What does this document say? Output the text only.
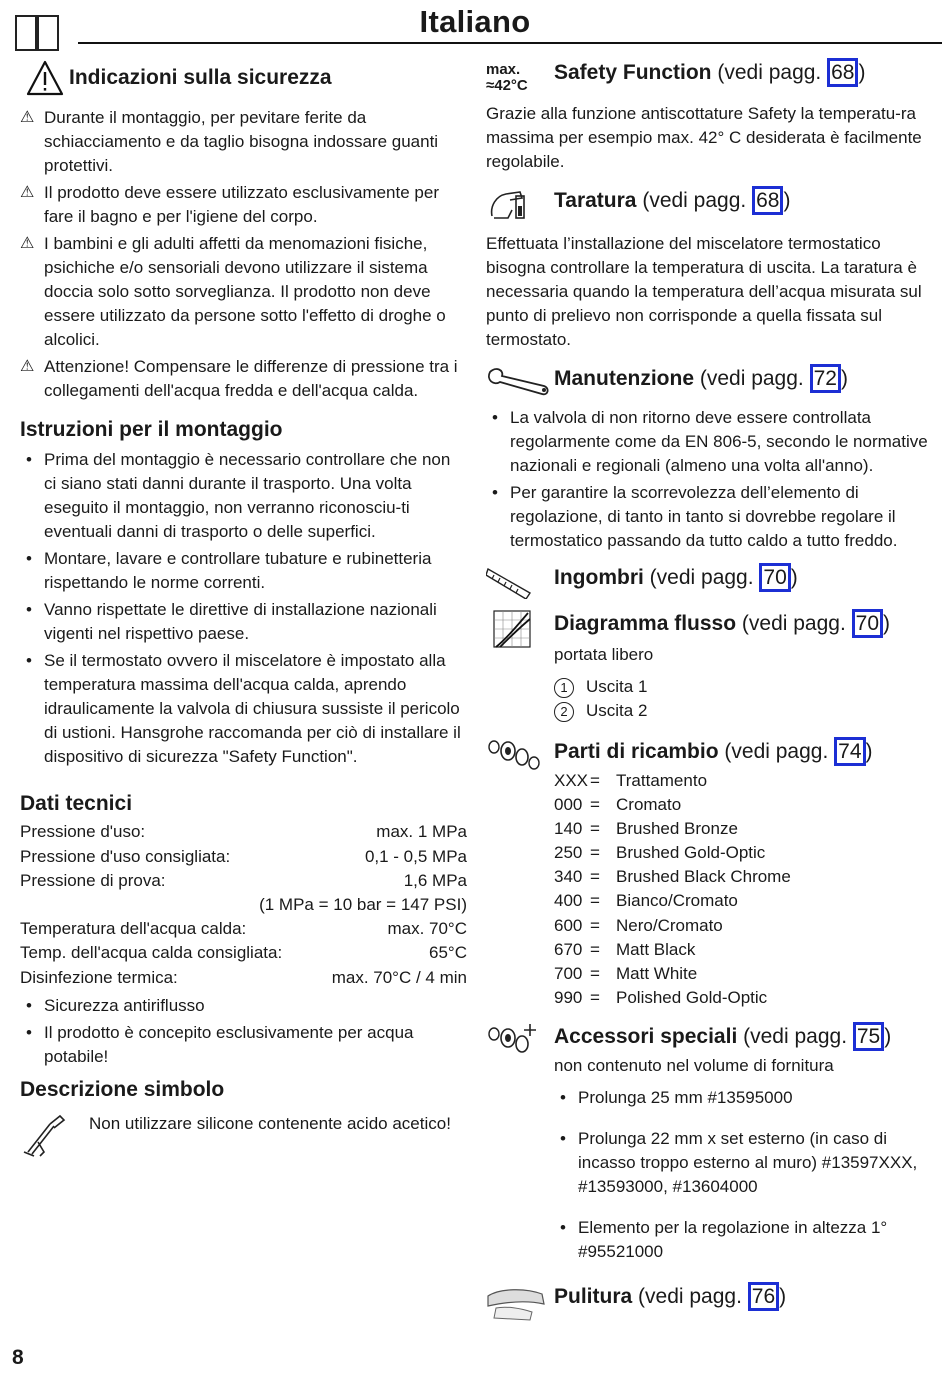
Italiano
Indicazioni sulla sicurezza
⚠ Durante il montaggio, per pevitare ferite da schiacciamento e da taglio bisogna indossare guanti protettivi.
⚠ Il prodotto deve essere utilizzato esclusivamente per fare il bagno e per l'igiene del corpo.
⚠ I bambini e gli adulti affetti da menomazioni fisiche, psichiche e/o sensoriali devono utilizzare il sistema doccia solo sotto sorveglianza. Il prodotto non deve essere utilizzato da persone sotto l'effetto di droghe o alcolici.
⚠ Attenzione! Compensare le differenze di pressione tra i collegamenti dell'acqua fredda e dell'acqua calda.
Istruzioni per il montaggio
• Prima del montaggio è necessario controllare che non ci siano stati danni durante il trasporto. Una volta eseguito il montaggio, non verranno riconosciu-ti eventuali danni di trasporto o delle superfici.
• Montare, lavare e controllare tubature e rubinetteria rispettando le norme correnti.
• Vanno rispettate le direttive di installazione nazionali vigenti nel rispettivo paese.
• Se il termostato ovvero il miscelatore è impostato alla temperatura massima dell'acqua calda, aprendo idraulicamente la valvola di chiusura sussiste il pericolo di ustioni. Hansgrohe raccomanda per ciò di installare il dispositivo di sicurezza "Safety Function".
Dati tecnici
Pressione d'uso:	max. 1 MPa
Pressione d'uso consigliata:	0,1 - 0,5 MPa
Pressione di prova:	1,6 MPa
(1 MPa = 10 bar = 147 PSI)
Temperatura dell'acqua calda:	max. 70°C
Temp. dell'acqua calda consigliata:	65°C
Disinfezione termica:	max. 70°C / 4 min
• Sicurezza antiriflusso
• Il prodotto è concepito esclusivamente per acqua potabile!
Descrizione simbolo

Non utilizzare silicone contenente acido acetico!

max.
≈42°C
Safety Function (vedi pagg. 68 )

Grazie alla funzione antiscottature Safety la temperatu-ra massima per esempio max. 42° C desiderata è facilmente regolabile.

Taratura (vedi pagg. 68 )

Effettuata l’installazione del miscelatore termostatico bisogna controllare la temperatura di uscita. La taratura è necessaria quando la temperatura dell’acqua misurata sul punto di prelievo non corrisponde a quella fissata sul termostato.

Manutenzione (vedi pagg. 72 )
• La valvola di non ritorno deve essere controllata regolarmente come da EN 806-5, secondo le normative nazionali e regionali (almeno una volta all'anno).
• Per garantire la scorrevolezza dell’elemento di regolazione, di tanto in tanto si dovrebbe regolare il termostatico passando da tutto caldo a tutto freddo.
Ingombri (vedi pagg. 70 )
Diagramma flusso (vedi pagg. 70 )

portata libero

1 Uscita 1

2 Uscita 2

Parti di ricambio (vedi pagg. 74 )
XXX = Trattamento
000 = Cromato
140 = Brushed Bronze
250 = Brushed Gold-Optic
340 = Brushed Black Chrome
400 = Bianco/Cromato
600 = Nero/Cromato
670 = Matt Black
700 = Matt White
990 = Polished Gold-Optic
Accessori speciali (vedi pagg. 75 )

non contenuto nel volume di fornitura

• Prolunga 25 mm #13595000
• Prolunga 22 mm x set esterno (in caso di incasso troppo esterno al muro) #13597XXX, #13593000, #13604000
• Elemento per la regolazione in altezza 1° #95521000
Pulitura (vedi pagg. 76 )
8
